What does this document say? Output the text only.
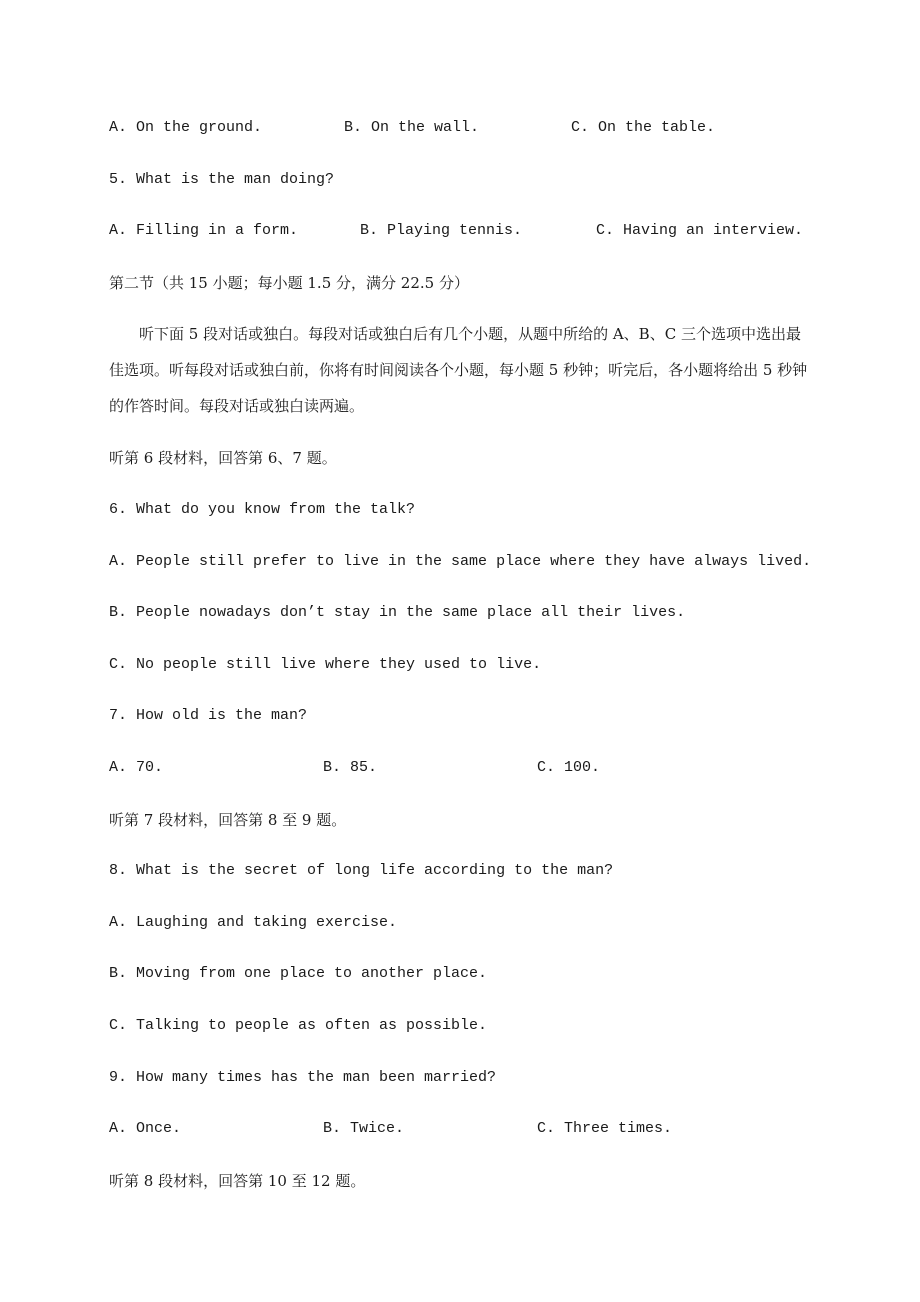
A. On the ground.	B. On the wall.	C. On the table.
5. What is the man doing?
A. Filling in a form.	B. Playing tennis.	C. Having an interview.
第二节（共 15 小题；每小题 1.5 分，满分 22.5 分）
听下面 5 段对话或独白。每段对话或独白后有几个小题，从题中所给的 A、B、C 三个选项中选出最佳选项。听每段对话或独白前，你将有时间阅读各个小题，每小题 5 秒钟；听完后，各小题将给出 5 秒钟的作答时间。每段对话或独白读两遍。
听第 6 段材料，回答第 6、7 题。
6. What do you know from the talk?
A. People still prefer to live in the same place where they have always lived.
B. People nowadays don’t stay in the same place all their lives.
C. No people still live where they used to live.
7. How old is the man?
A. 70.	B. 85.	C. 100.
听第 7 段材料，回答第 8 至 9 题。
8. What is the secret of long life according to the man?
A. Laughing and taking exercise.
B. Moving from one place to another place.
C. Talking to people as often as possible.
9. How many times has the man been married?
A. Once.	B. Twice.	C. Three times.
听第 8 段材料，回答第 10 至 12 题。
